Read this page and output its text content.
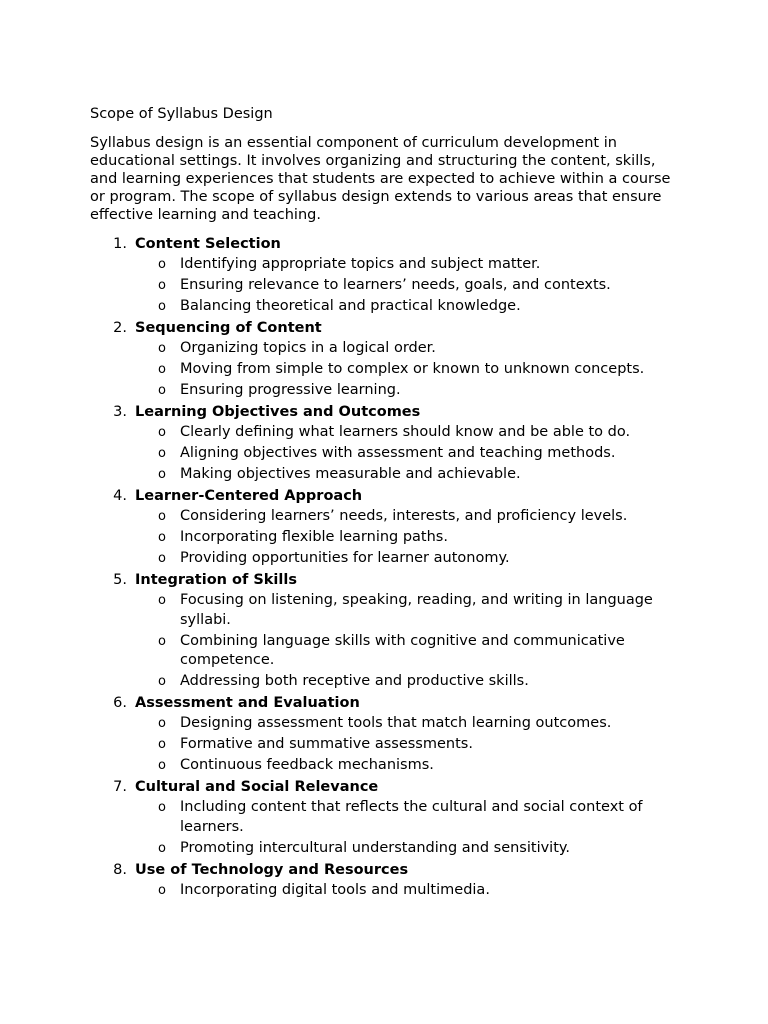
Scope of Syllabus Design

Syllabus design is an essential component of curriculum development in educational settings. It involves organizing and structuring the content, skills, and learning experiences that students are expected to achieve within a course or program. The scope of syllabus design extends to various areas that ensure effective learning and teaching.

1. Content Selection
o Identifying appropriate topics and subject matter.
o Ensuring relevance to learners’ needs, goals, and contexts.
o Balancing theoretical and practical knowledge.
2. Sequencing of Content
o Organizing topics in a logical order.
o Moving from simple to complex or known to unknown concepts.
o Ensuring progressive learning.
3. Learning Objectives and Outcomes
o Clearly defining what learners should know and be able to do.
o Aligning objectives with assessment and teaching methods.
o Making objectives measurable and achievable.
4. Learner-Centered Approach
o Considering learners’ needs, interests, and proficiency levels.
o Incorporating flexible learning paths.
o Providing opportunities for learner autonomy.
5. Integration of Skills
o Focusing on listening, speaking, reading, and writing in language syllabi.
o Combining language skills with cognitive and communicative competence.
o Addressing both receptive and productive skills.
6. Assessment and Evaluation
o Designing assessment tools that match learning outcomes.
o Formative and summative assessments.
o Continuous feedback mechanisms.
7. Cultural and Social Relevance
o Including content that reflects the cultural and social context of learners.
o Promoting intercultural understanding and sensitivity.
8. Use of Technology and Resources
o Incorporating digital tools and multimedia.
